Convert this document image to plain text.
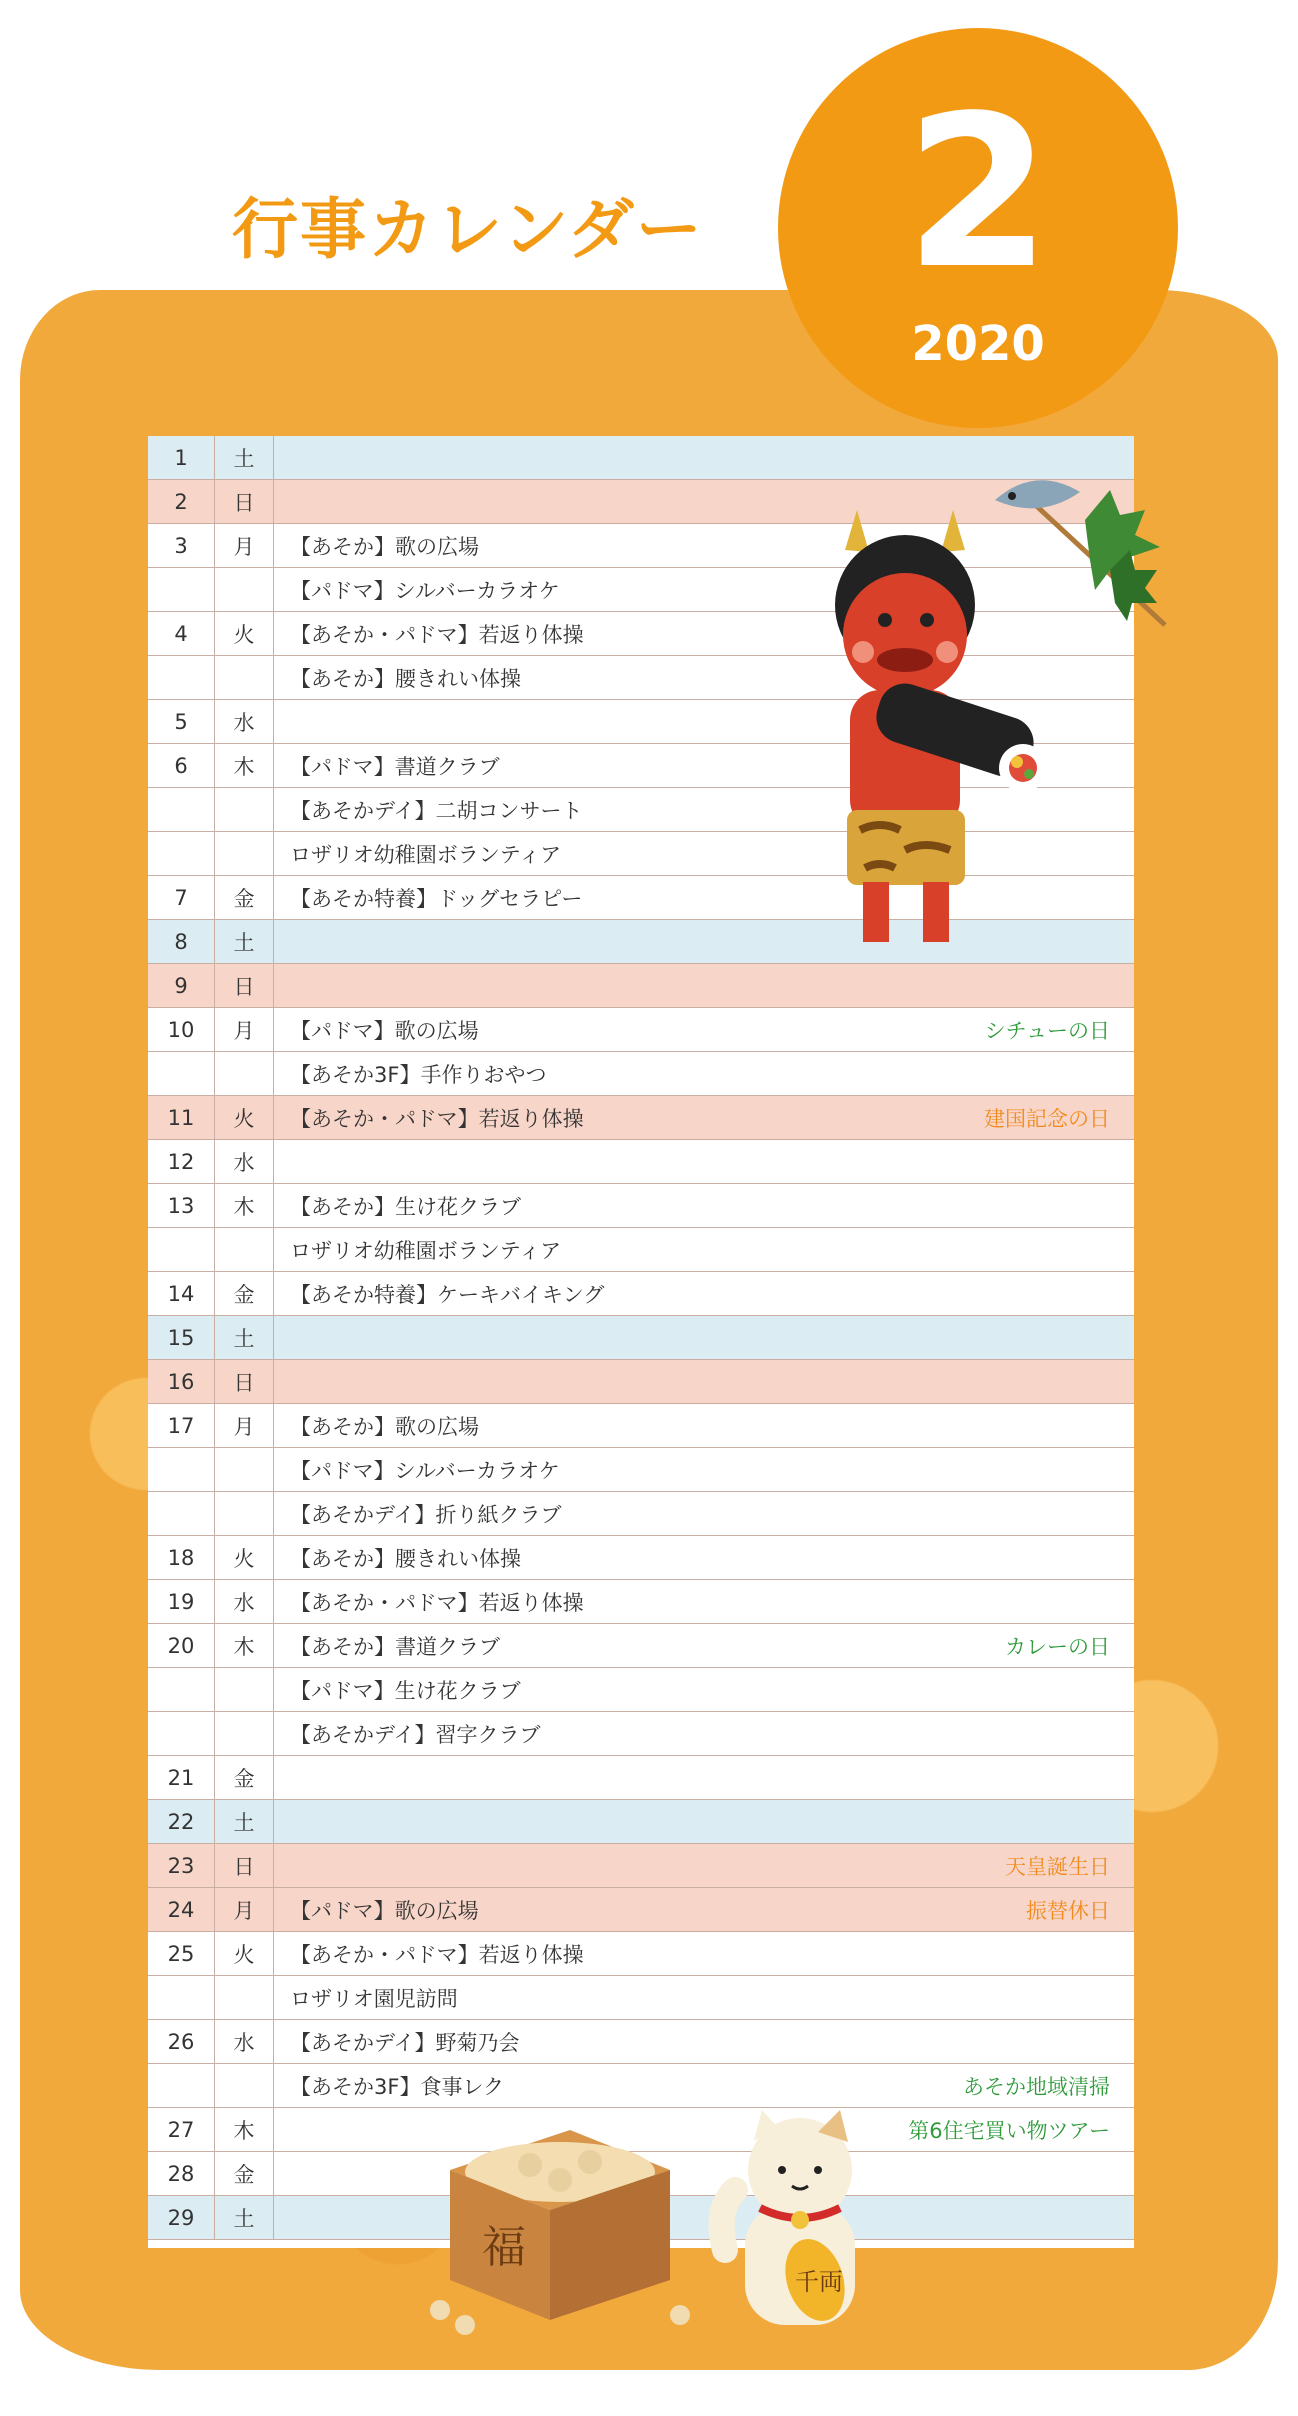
行事カレンダー 2
2020
1	土
2	日
3	月	【あそか】歌の広場
【パドマ】シルバーカラオケ
4	火	【あそか・パドマ】若返り体操
【あそか】腰きれい体操
5	水
6	木	【パドマ】書道クラブ
【あそかデイ】二胡コンサート
ロザリオ幼稚園ボランティア
7	金	【あそか特養】ドッグセラピー
8	土
9	日
10	月	【パドマ】歌の広場	シチューの日
【あそか3F】手作りおやつ
11	火	【あそか・パドマ】若返り体操	建国記念の日
12	水
13	木	【あそか】生け花クラブ
ロザリオ幼稚園ボランティア
14	金	【あそか特養】ケーキバイキング
15	土
16	日
17	月	【あそか】歌の広場
【パドマ】シルバーカラオケ
【あそかデイ】折り紙クラブ
18	火	【あそか】腰きれい体操
19	水	【あそか・パドマ】若返り体操
20	木	【あそか】書道クラブ	カレーの日
【パドマ】生け花クラブ
【あそかデイ】習字クラブ
21	金
22	土
23	日	天皇誕生日
24	月	【パドマ】歌の広場	振替休日
25	火	【あそか・パドマ】若返り体操
ロザリオ園児訪問
26	水	【あそかデイ】野菊乃会
【あそか3F】食事レク	あそか地域清掃
27	木	第6住宅買い物ツアー
28	金
29	土
福
千両
